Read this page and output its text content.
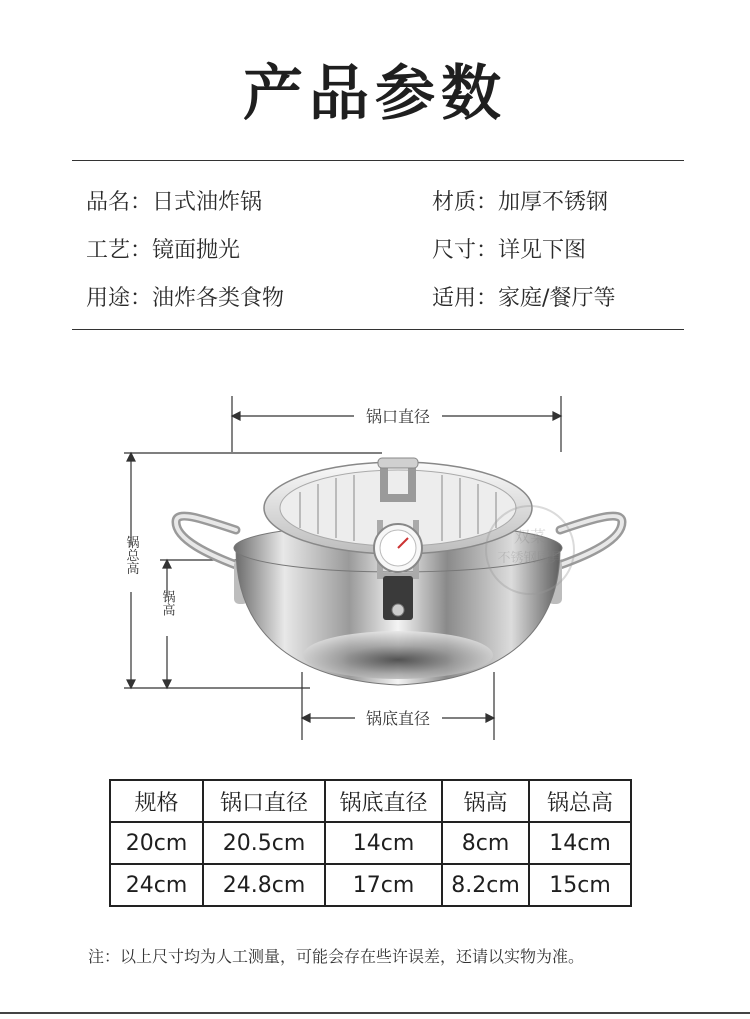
产品参数
品名 ： 日式油炸锅	材质 ： 加厚不锈钢
工艺 ： 镜面抛光	尺寸 ： 详见下图
用途 ： 油炸各类食物	适用 ： 家庭/餐厅等
锅口直径
锅总高
锅高
锅底直径
双菜
不锈钢厨具
规格	锅口直径	锅底直径	锅高	锅总高
20cm	20.5cm	14cm	8cm	14cm
24cm	24.8cm	17cm	8.2cm	15cm
注：以上尺寸均为人工测量，可能会存在些许误差，还请以实物为准。
